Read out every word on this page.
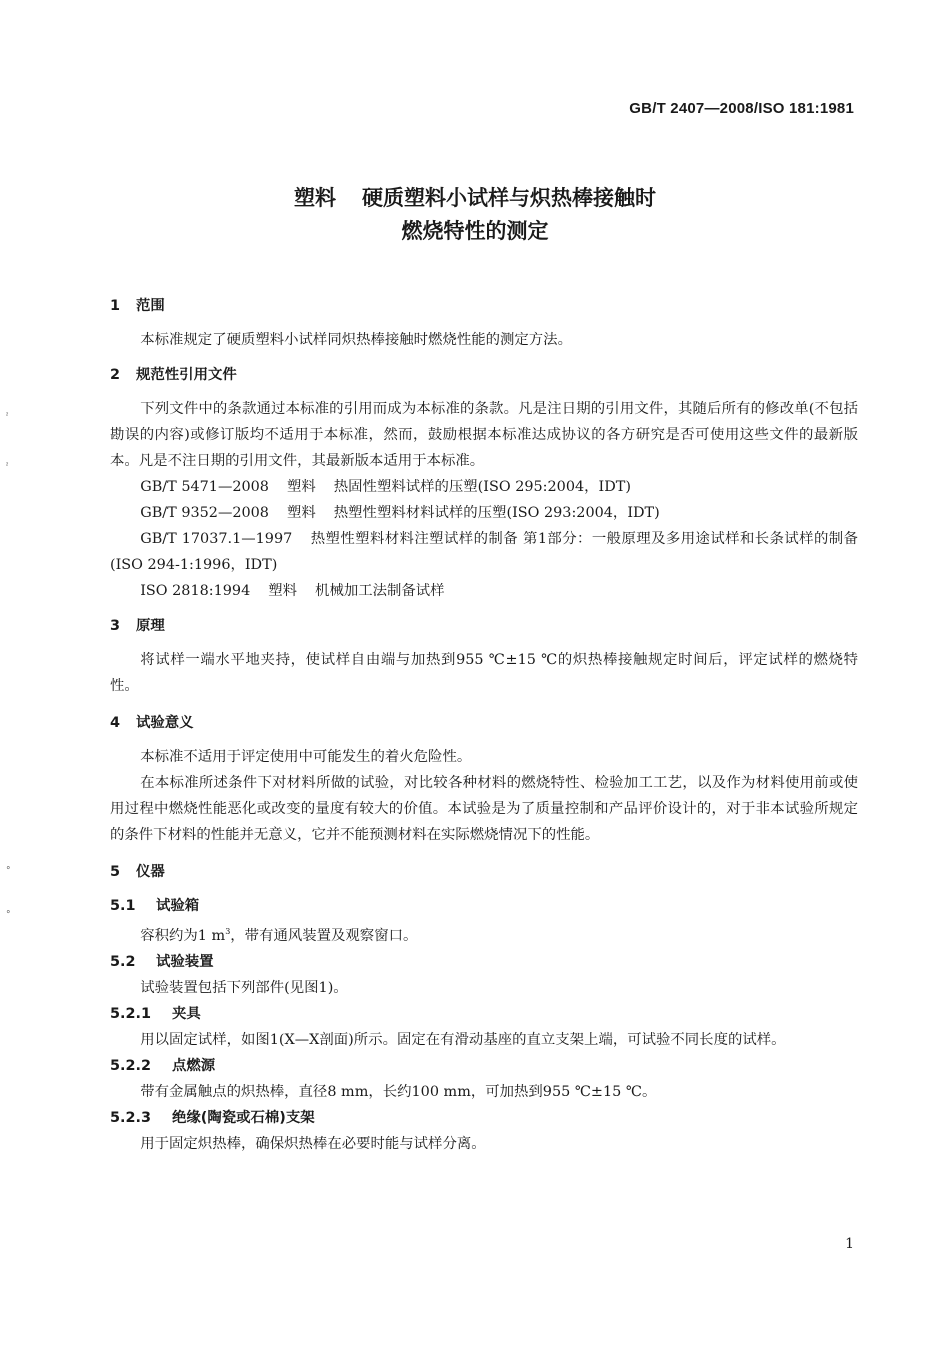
GB/T 2407—2008/ISO 181:1981
塑料 硬质塑料小试样与炽热棒接触时
燃烧特性的测定
1 范围
本标准规定了硬质塑料小试样同炽热棒接触时燃烧性能的测定方法。
2 规范性引用文件
下列文件中的条款通过本标准的引用而成为本标准的条款。凡是注日期的引用文件，其随后所有的修改单(不包括勘误的内容)或修订版均不适用于本标准，然而，鼓励根据本标准达成协议的各方研究是否可使用这些文件的最新版本。凡是不注日期的引用文件，其最新版本适用于本标准。
GB/T 5471—2008 塑料 热固性塑料试样的压塑(ISO 295:2004，IDT)
GB/T 9352—2008 塑料 热塑性塑料材料试样的压塑(ISO 293:2004，IDT)
GB/T 17037.1—1997 热塑性塑料材料注塑试样的制备 第1部分：一般原理及多用途试样和长条试样的制备(ISO 294-1:1996，IDT)
ISO 2818:1994 塑料 机械加工法制备试样
3 原理
将试样一端水平地夹持，使试样自由端与加热到955 ℃±15 ℃的炽热棒接触规定时间后，评定试样的燃烧特性。
4 试验意义
本标准不适用于评定使用中可能发生的着火危险性。
在本标准所述条件下对材料所做的试验，对比较各种材料的燃烧特性、检验加工工艺，以及作为材料使用前或使用过程中燃烧性能恶化或改变的量度有较大的价值。本试验是为了质量控制和产品评价设计的，对于非本试验所规定的条件下材料的性能并无意义，它并不能预测材料在实际燃烧情况下的性能。
5 仪器
5.1 试验箱
容积约为1 $m^3$，带有通风装置及观察窗口。
5.2 试验装置
试验装置包括下列部件(见图1)。
5.2.1 夹具
用以固定试样，如图1(X—X剖面)所示。固定在有滑动基座的直立支架上端，可试验不同长度的试样。
5.2.2 点燃源
带有金属触点的炽热棒，直径8 mm，长约100 mm，可加热到955 ℃±15 ℃。
5.2.3 绝缘(陶瓷或石棉)支架
用于固定炽热棒，确保炽热棒在必要时能与试样分离。
ˀ
ˀ
°
°
1
